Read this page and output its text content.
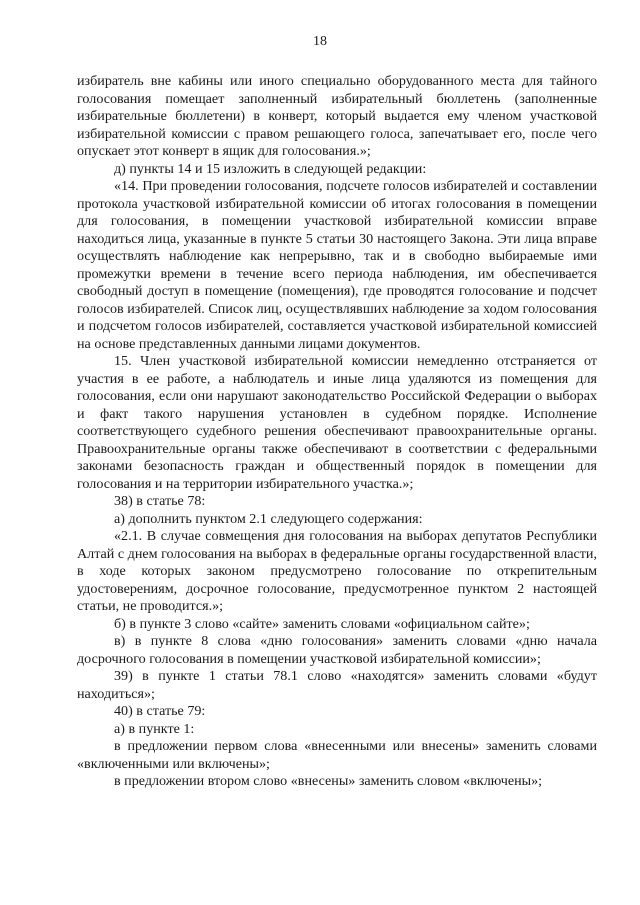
18

избиратель вне кабины или иного специально оборудованного места для тайного голосования помещает заполненный избирательный бюллетень (заполненные избирательные бюллетени) в конверт, который выдается ему членом участковой избирательной комиссии с правом решающего голоса, запечатывает его, после чего опускает этот конверт в ящик для голосования.»;

д) пункты 14 и 15 изложить в следующей редакции:

«14. При проведении голосования, подсчете голосов избирателей и составлении протокола участковой избирательной комиссии об итогах голосования в помещении для голосования, в помещении участковой избирательной комиссии вправе находиться лица, указанные в пункте 5 статьи 30 настоящего Закона. Эти лица вправе осуществлять наблюдение как непрерывно, так и в свободно выбираемые ими промежутки времени в течение всего периода наблюдения, им обеспечивается свободный доступ в помещение (помещения), где проводятся голосование и подсчет голосов избирателей. Список лиц, осуществлявших наблюдение за ходом голосования и подсчетом голосов избирателей, составляется участковой избирательной комиссией на основе представленных данными лицами документов.

15. Член участковой избирательной комиссии немедленно отстраняется от участия в ее работе, а наблюдатель и иные лица удаляются из помещения для голосования, если они нарушают законодательство Российской Федерации о выборах и факт такого нарушения установлен в судебном порядке. Исполнение соответствующего судебного решения обеспечивают правоохранительные органы. Правоохранительные органы также обеспечивают в соответствии с федеральными законами безопасность граждан и общественный порядок в помещении для голосования и на территории избирательного участка.»;

38) в статье 78:

а) дополнить пунктом 2.1 следующего содержания:

«2.1. В случае совмещения дня голосования на выборах депутатов Республики Алтай с днем голосования на выборах в федеральные органы государственной власти, в ходе которых законом предусмотрено голосование по открепительным удостоверениям, досрочное голосование, предусмотренное пунктом 2 настоящей статьи, не проводится.»;

б) в пункте 3 слово «сайте» заменить словами «официальном сайте»;

в) в пункте 8 слова «дню голосования» заменить словами «дню начала досрочного голосования в помещении участковой избирательной комиссии»;

39) в пункте 1 статьи 78.1 слово «находятся» заменить словами «будут находиться»;

40) в статье 79:

а) в пункте 1:

в предложении первом слова «внесенными или внесены» заменить словами «включенными или включены»;

в предложении втором слово «внесены» заменить словом «включены»;
